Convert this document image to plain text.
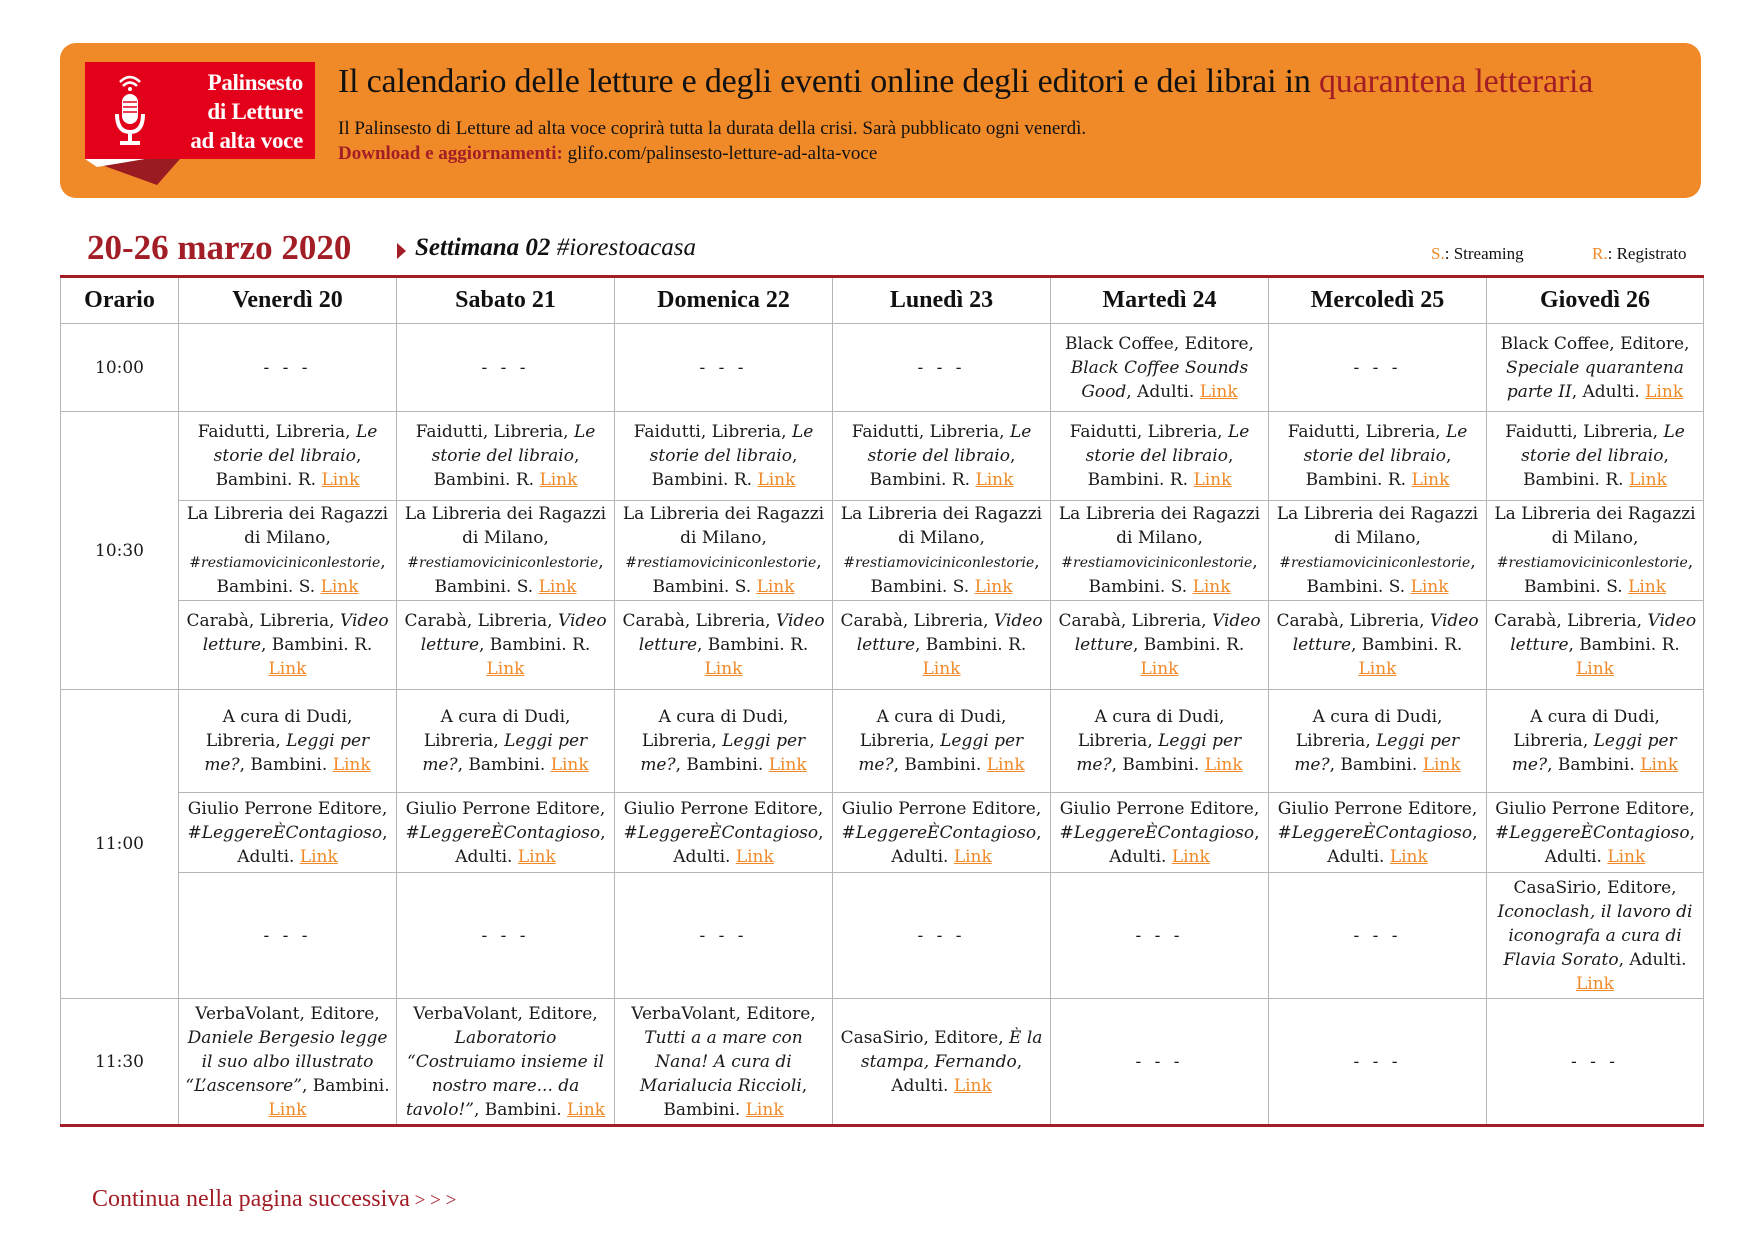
Palinsesto
di Letture
ad alta voce
Il calendario delle letture e degli eventi online degli editori e dei librai in quarantena letteraria
Il Palinsesto di Letture ad alta voce coprirà tutta la durata della crisi. Sarà pubblicato ogni venerdì.
Download e aggiornamenti: glifo.com/palinsesto-letture-ad-alta-voce
20-26 marzo 2020	Settimana 02 #iorestoacasa	S.: Streaming	R.: Registrato
Orario	Venerdì 20	Sabato 21	Domenica 22	Lunedì 23	Martedì 24	Mercoledì 25	Giovedì 26
10:00	- - -	- - -	- - -	- - -	Black Coffee, Editore, Black Coffee Sounds Good, Adulti. Link	- - -	Black Coffee, Editore, Speciale quarantena parte II, Adulti. Link
10:30	Faidutti, Libreria, Le storie del libraio, Bambini. R. Link	Faidutti, Libreria, Le storie del libraio, Bambini. R. Link	Faidutti, Libreria, Le storie del libraio, Bambini. R. Link	Faidutti, Libreria, Le storie del libraio, Bambini. R. Link	Faidutti, Libreria, Le storie del libraio, Bambini. R. Link	Faidutti, Libreria, Le storie del libraio, Bambini. R. Link	Faidutti, Libreria, Le storie del libraio, Bambini. R. Link
	La Libreria dei Ragazzi di Milano, #restiamoviciniconlestorie, Bambini. S. Link	La Libreria dei Ragazzi di Milano, #restiamoviciniconlestorie, Bambini. S. Link	La Libreria dei Ragazzi di Milano, #restiamoviciniconlestorie, Bambini. S. Link	La Libreria dei Ragazzi di Milano, #restiamoviciniconlestorie, Bambini. S. Link	La Libreria dei Ragazzi di Milano, #restiamoviciniconlestorie, Bambini. S. Link	La Libreria dei Ragazzi di Milano, #restiamoviciniconlestorie, Bambini. S. Link	La Libreria dei Ragazzi di Milano, #restiamoviciniconlestorie, Bambini. S. Link
	Carabà, Libreria, Video letture, Bambini. R. Link	Carabà, Libreria, Video letture, Bambini. R. Link	Carabà, Libreria, Video letture, Bambini. R. Link	Carabà, Libreria, Video letture, Bambini. R. Link	Carabà, Libreria, Video letture, Bambini. R. Link	Carabà, Libreria, Video letture, Bambini. R. Link	Carabà, Libreria, Video letture, Bambini. R. Link
11:00	A cura di Dudi, Libreria, Leggi per me?, Bambini. Link	A cura di Dudi, Libreria, Leggi per me?, Bambini. Link	A cura di Dudi, Libreria, Leggi per me?, Bambini. Link	A cura di Dudi, Libreria, Leggi per me?, Bambini. Link	A cura di Dudi, Libreria, Leggi per me?, Bambini. Link	A cura di Dudi, Libreria, Leggi per me?, Bambini. Link	A cura di Dudi, Libreria, Leggi per me?, Bambini. Link
	Giulio Perrone Editore, #LeggereÈContagioso, Adulti. Link	Giulio Perrone Editore, #LeggereÈContagioso, Adulti. Link	Giulio Perrone Editore, #LeggereÈContagioso, Adulti. Link	Giulio Perrone Editore, #LeggereÈContagioso, Adulti. Link	Giulio Perrone Editore, #LeggereÈContagioso, Adulti. Link	Giulio Perrone Editore, #LeggereÈContagioso, Adulti. Link	Giulio Perrone Editore, #LeggereÈContagioso, Adulti. Link
	- - -	- - -	- - -	- - -	- - -	- - -	CasaSirio, Editore, Iconoclash, il lavoro di iconografa a cura di Flavia Sorato, Adulti. Link
11:30	VerbaVolant, Editore, Daniele Bergesio legge il suo albo illustrato “L’ascensore”, Bambini. Link	VerbaVolant, Editore, Laboratorio “Costruiamo insieme il nostro mare... da tavolo!”, Bambini. Link	VerbaVolant, Editore, Tutti a a mare con Nana! A cura di Marialucia Riccioli, Bambini. Link	CasaSirio, Editore, È la stampa, Fernando, Adulti. Link	- - -	- - -	- - -
Continua nella pagina successiva > > >
